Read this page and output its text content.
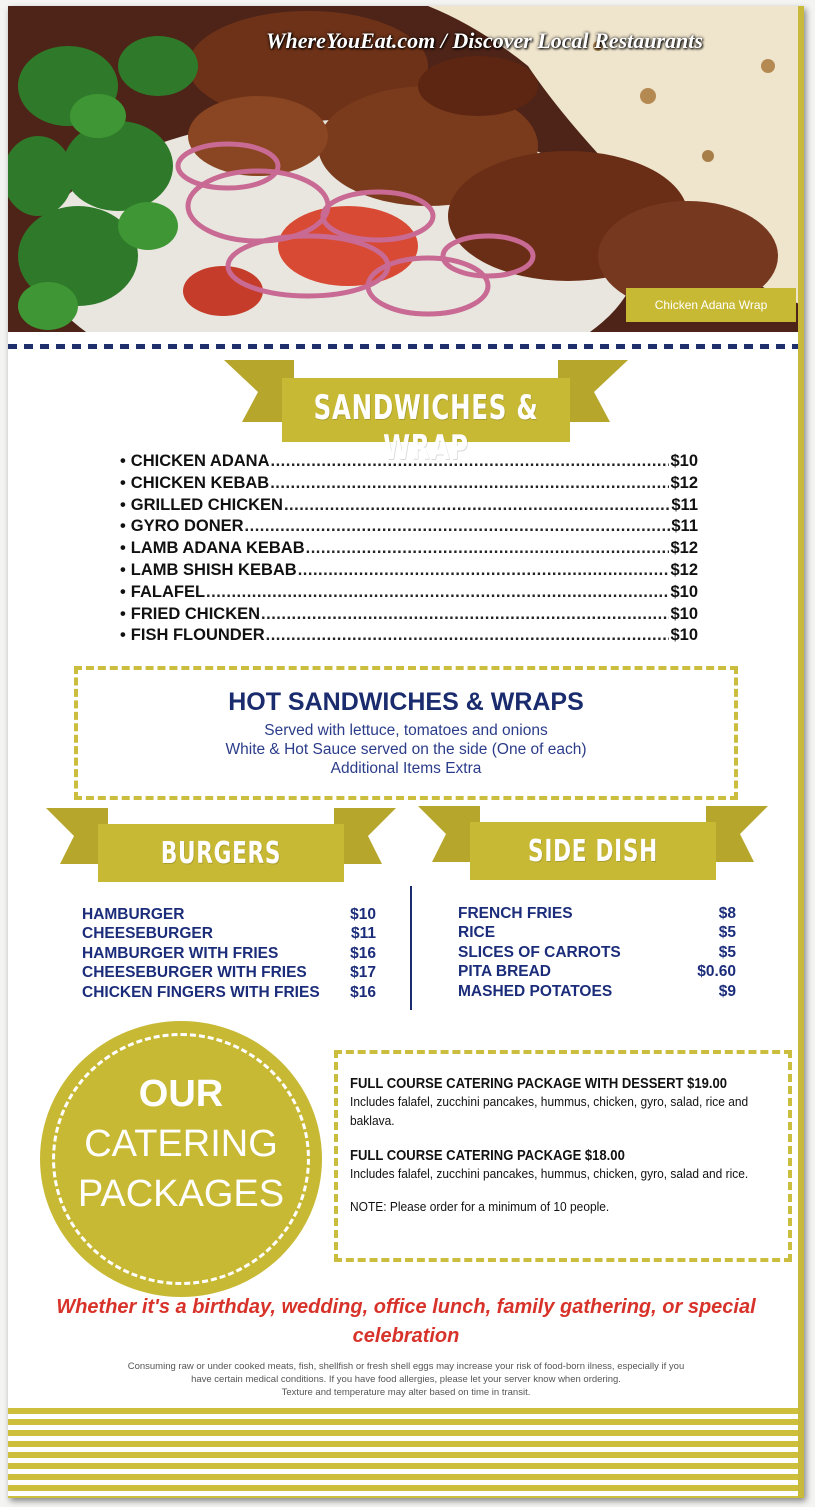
WhereYouEat.com / Discover Local Restaurants
Chicken Adana Wrap
SANDWICHES & WRAP
• CHICKEN ADANA .....	$10
• CHICKEN KEBAB .....	$12
• GRILLED CHICKEN .....	$11
• GYRO DONER .....	$11
• LAMB ADANA KEBAB .....	$12
• LAMB SHISH KEBAB .....	$12
• FALAFEL .....	$10
• FRIED CHICKEN .....	$10
• FISH FLOUNDER .....	$10
HOT SANDWICHES & WRAPS
Served with lettuce, tomatoes and onions
White & Hot Sauce served on the side (One of each)
Additional Items Extra
BURGERS	SIDE DISH
HAMBURGER	$10
CHEESEBURGER	$11
HAMBURGER WITH FRIES	$16
CHEESEBURGER WITH FRIES	$17
CHICKEN FINGERS WITH FRIES $16
FRENCH FRIES	$8
RICE	$5
SLICES OF CARROTS	$5
PITA BREAD	$0.60
MASHED POTATOES	$9
OUR
CATERING
PACKAGES
FULL COURSE CATERING PACKAGE WITH DESSERT $19.00
Includes falafel, zucchini pancakes, hummus, chicken, gyro, salad, rice and baklava.
FULL COURSE CATERING PACKAGE $18.00
Includes falafel, zucchini pancakes, hummus, chicken, gyro, salad and rice.
NOTE: Please order for a minimum of 10 people.
Whether it's a birthday, wedding, office lunch, family gathering, or special celebration
Consuming raw or under cooked meats, fish, shellfish or fresh shell eggs may increase your risk of food-born ilness, especially if you
have certain medical conditions. If you have food allergies, please let your server know when ordering.
Texture and temperature may alter based on time in transit.
